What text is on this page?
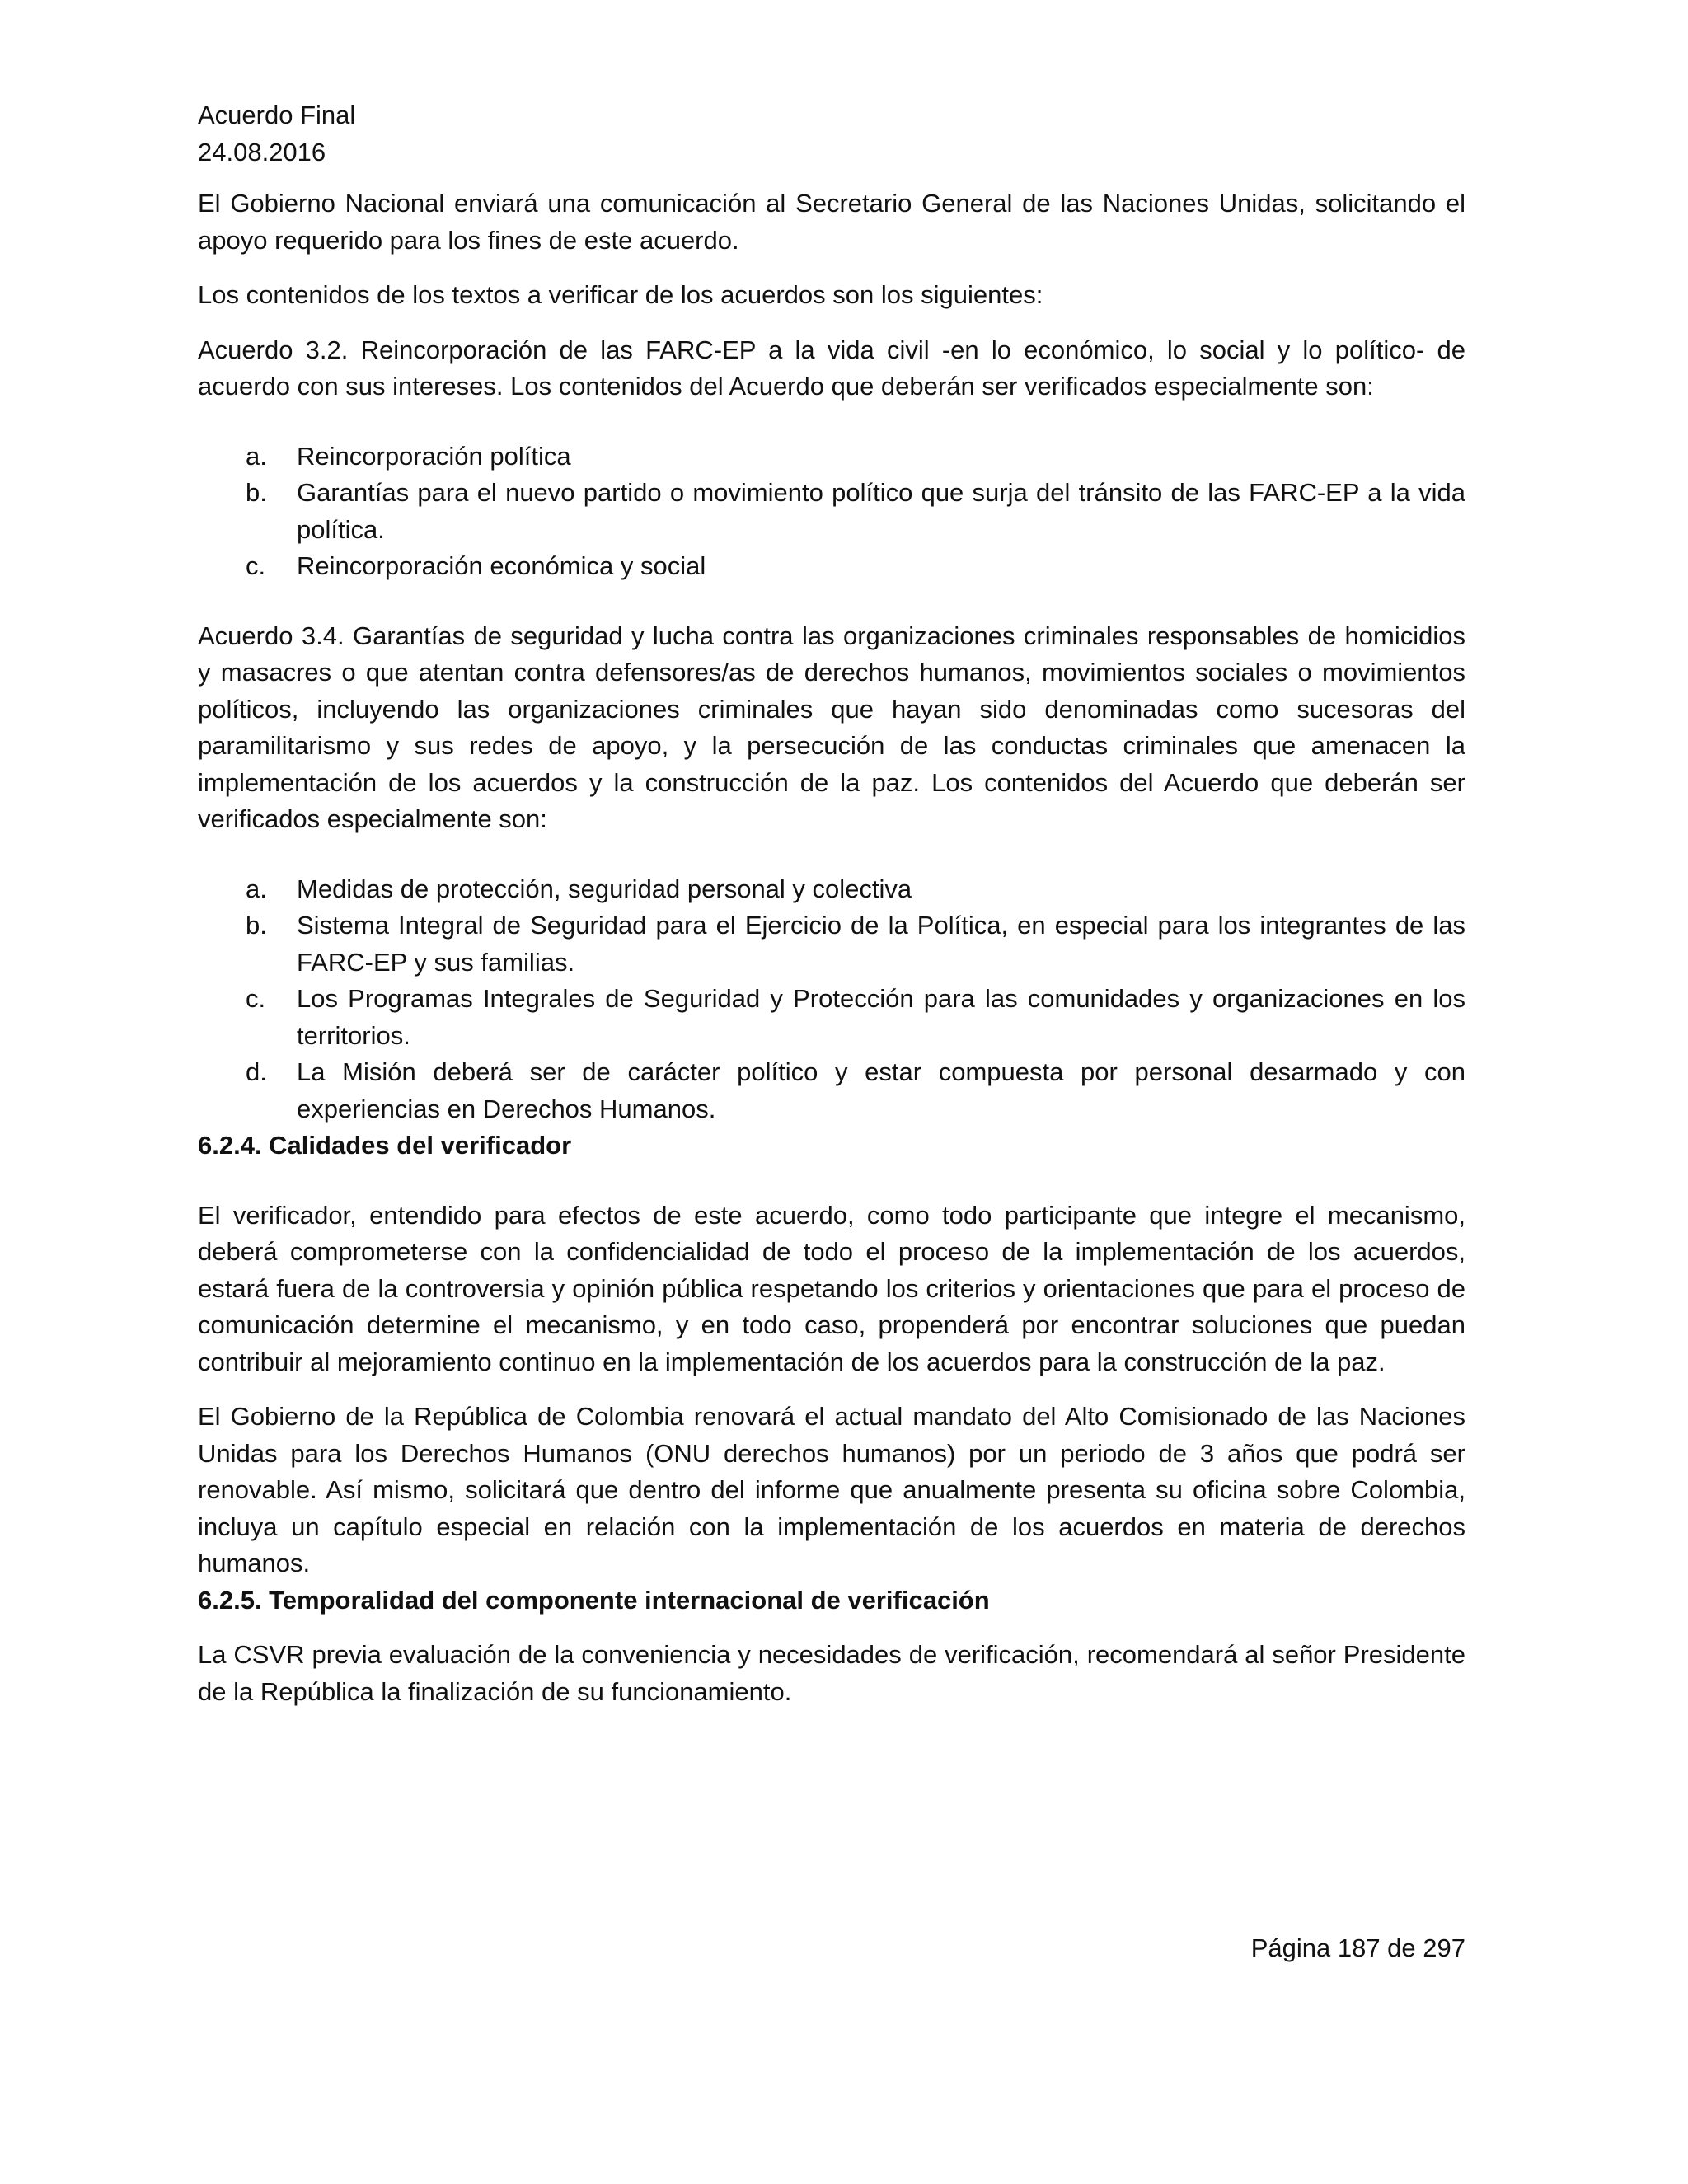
Acuerdo Final

24.08.2016

El Gobierno Nacional enviará una comunicación al Secretario General de las Naciones Unidas, solicitando el apoyo requerido para los fines de este acuerdo.

Los contenidos de los textos a verificar de los acuerdos son los siguientes:

Acuerdo 3.2. Reincorporación de las FARC-EP a la vida civil -en lo económico, lo social y lo político- de acuerdo con sus intereses. Los contenidos del Acuerdo que deberán ser verificados especialmente son:

a. Reincorporación política
b. Garantías para el nuevo partido o movimiento político que surja del tránsito de las FARC-EP a la vida política.
c. Reincorporación económica y social

Acuerdo 3.4. Garantías de seguridad y lucha contra las organizaciones criminales responsables de homicidios y masacres o que atentan contra defensores/as de derechos humanos, movimientos sociales o movimientos políticos, incluyendo las organizaciones criminales que hayan sido denominadas como sucesoras del paramilitarismo y sus redes de apoyo, y la persecución de las conductas criminales que amenacen la implementación de los acuerdos y la construcción de la paz. Los contenidos del Acuerdo que deberán ser verificados especialmente son:

a. Medidas de protección, seguridad personal y colectiva
b. Sistema Integral de Seguridad para el Ejercicio de la Política, en especial para los integrantes de las FARC-EP y sus familias.
c. Los Programas Integrales de Seguridad y Protección para las comunidades y organizaciones en los territorios.
d. La Misión deberá ser de carácter político y estar compuesta por personal desarmado y con experiencias en Derechos Humanos.

6.2.4. Calidades del verificador

El verificador, entendido para efectos de este acuerdo, como todo participante que integre el mecanismo, deberá comprometerse con la confidencialidad de todo el proceso de la implementación de los acuerdos, estará fuera de la controversia y opinión pública respetando los criterios y orientaciones que para el proceso de comunicación determine el mecanismo, y en todo caso, propenderá por encontrar soluciones que puedan contribuir al mejoramiento continuo en la implementación de los acuerdos para la construcción de la paz.

El Gobierno de la República de Colombia renovará el actual mandato del Alto Comisionado de las Naciones Unidas para los Derechos Humanos (ONU derechos humanos) por un periodo de 3 años que podrá ser renovable. Así mismo, solicitará que dentro del informe que anualmente presenta su oficina sobre Colombia, incluya un capítulo especial en relación con la implementación de los acuerdos en materia de derechos humanos.

6.2.5. Temporalidad del componente internacional de verificación

La CSVR previa evaluación de la conveniencia y necesidades de verificación, recomendará al señor Presidente de la República la finalización de su funcionamiento.

Página 187 de 297
